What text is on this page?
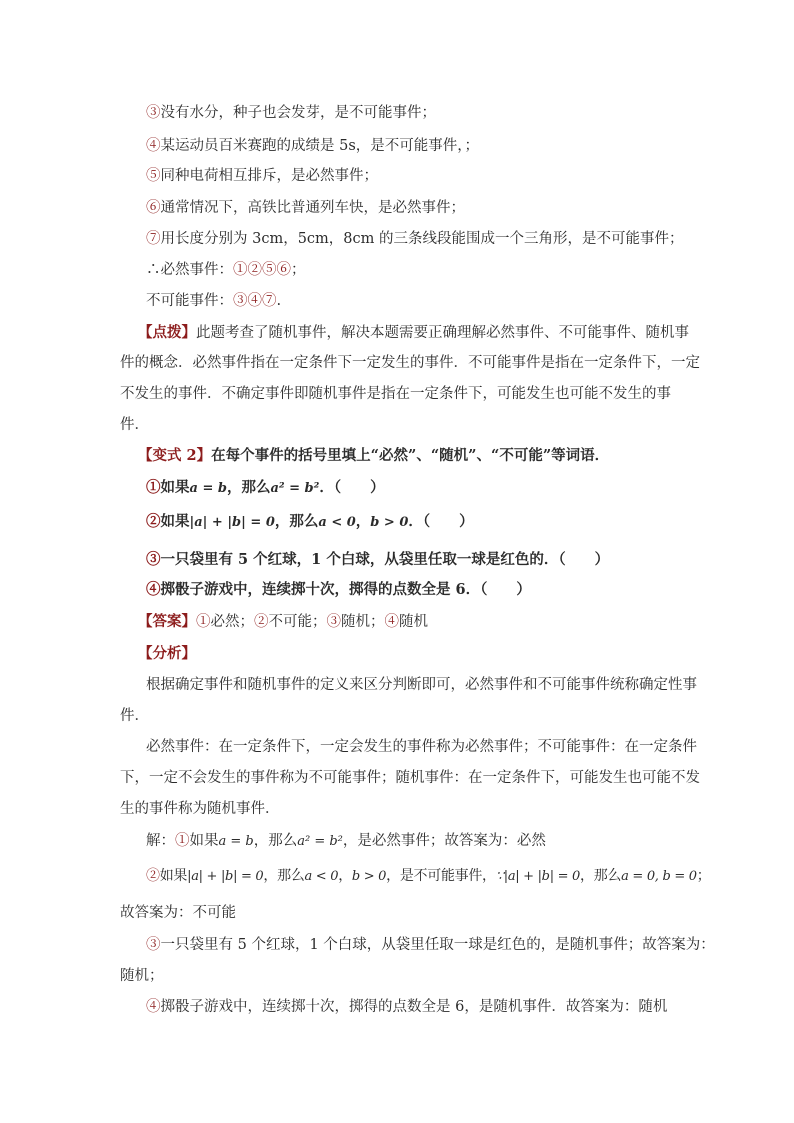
③没有水分，种子也会发芽，是不可能事件；
④某运动员百米赛跑的成绩是 5s，是不可能事件，；
⑤同种电荷相互排斥，是必然事件；
⑥通常情况下，高铁比普通列车快，是必然事件；
⑦用长度分别为 3cm，5cm，8cm 的三条线段能围成一个三角形，是不可能事件；
∴必然事件：①②⑤⑥；
不可能事件：③④⑦.
【点拨】此题考查了随机事件，解决本题需要正确理解必然事件、不可能事件、随机事
件的概念．必然事件指在一定条件下一定发生的事件．不可能事件是指在一定条件下，一定
不发生的事件．不确定事件即随机事件是指在一定条件下，可能发生也可能不发生的事
件．
【变式 2】在每个事件的括号里填上“必然”、“随机”、“不可能”等词语．
①如果a = b，那么a² = b²．（　　）
②如果|a| + |b| = 0，那么a < 0，b > 0．（　　）
③一只袋里有 5 个红球，1 个白球，从袋里任取一球是红色的．（　　）
④掷骰子游戏中，连续掷十次，掷得的点数全是 6．（　　）
【答案】①必然；②不可能；③随机；④随机
【分析】
根据确定事件和随机事件的定义来区分判断即可，必然事件和不可能事件统称确定性事
件．
必然事件：在一定条件下，一定会发生的事件称为必然事件；不可能事件：在一定条件
下，一定不会发生的事件称为不可能事件；随机事件：在一定条件下，可能发生也可能不发
生的事件称为随机事件．
解：①如果a = b，那么a² = b²，是必然事件；故答案为：必然
②如果|a| + |b| = 0，那么a < 0，b > 0，是不可能事件，∵|a| + |b| = 0，那么a = 0, b = 0；
故答案为：不可能
③一只袋里有 5 个红球，1 个白球，从袋里任取一球是红色的，是随机事件；故答案为：
随机；
④掷骰子游戏中，连续掷十次，掷得的点数全是 6，是随机事件．故答案为：随机
